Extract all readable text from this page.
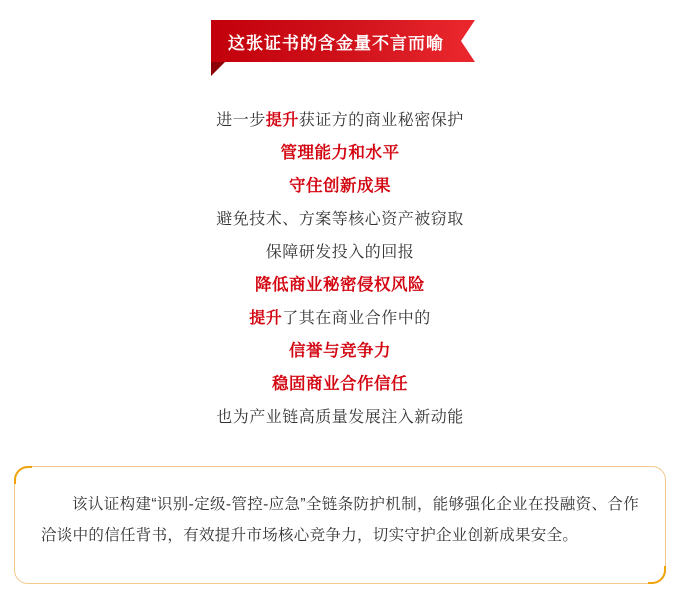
这张证书的含金量不言而喻
进一步提升获证方的商业秘密保护
管理能力和水平
守住创新成果
避免技术、方案等核心资产被窃取
保障研发投入的回报
降低商业秘密侵权风险
提升了其在商业合作中的
信誉与竞争力
稳固商业合作信任
也为产业链高质量发展注入新动能

该认证构建“识别-定级-管控-应急”全链条防护机制，能够强化企业在投融资、合作洽谈中的信任背书，有效提升市场核心竞争力，切实守护企业创新成果安全。
